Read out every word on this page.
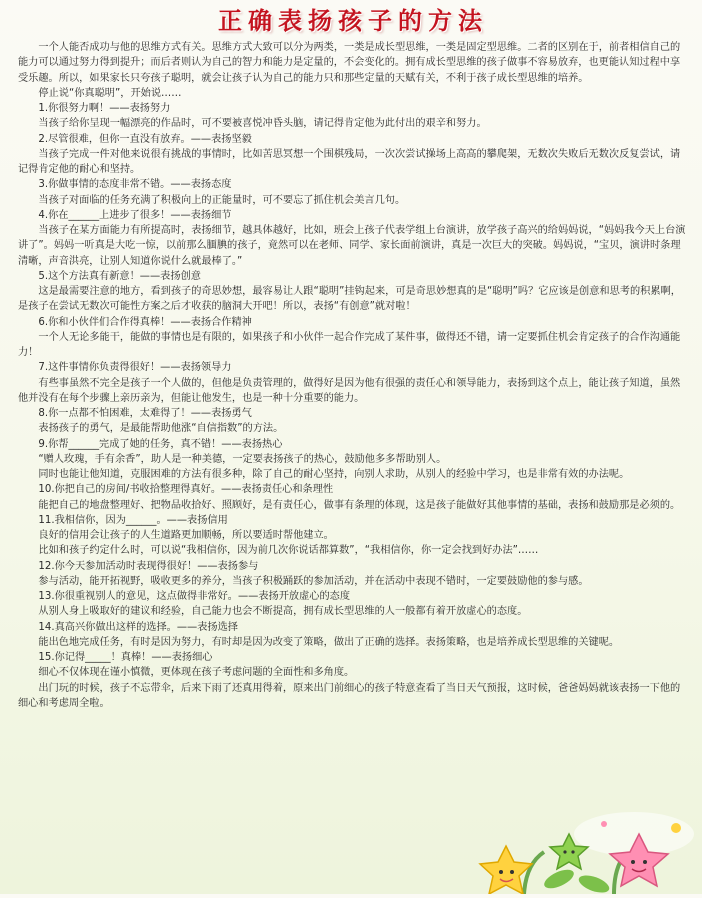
正确表扬孩子的方法

一个人能否成功与他的思维方式有关。思维方式大致可以分为两类，一类是成长型思维，一类是固定型思维。二者的区别在于，前者相信自己的能力可以通过努力得到提升；而后者则认为自己的智力和能力是定量的，不会变化的。拥有成长型思维的孩子做事不容易放弃，也更能认知过程中享受乐趣。所以，如果家长只夸孩子聪明，就会让孩子认为自己的能力只和那些定量的天赋有关，不利于孩子成长型思维的培养。

停止说“你真聪明”，开始说……

1.你很努力啊！——表扬努力

当孩子给你呈现一幅漂亮的作品时，可不要被喜悦冲昏头脑，请记得肯定他为此付出的艰辛和努力。

2.尽管很难，但你一直没有放弃。——表扬坚毅

当孩子完成一件对他来说很有挑战的事情时，比如苦思冥想一个围棋残局，一次次尝试操场上高高的攀爬架，无数次失败后无数次反复尝试，请记得肯定他的耐心和坚持。

3.你做事情的态度非常不错。——表扬态度

当孩子对面临的任务充满了积极向上的正能量时，可不要忘了抓住机会美言几句。

4.你在______上进步了很多！——表扬细节

当孩子在某方面能力有所提高时，表扬细节，越具体越好，比如，班会上孩子代表学组上台演讲，放学孩子高兴的给妈妈说，“妈妈我今天上台演讲了”。妈妈一听真是大吃一惊，以前那么腼腆的孩子，竟然可以在老师、同学、家长面前演讲，真是一次巨大的突破。妈妈说，“宝贝，演讲时条理清晰，声音洪亮，让别人知道你说什么就最棒了。”

5.这个方法真有新意！——表扬创意

这是最需要注意的地方，看到孩子的奇思妙想，最容易让人跟“聪明”挂钩起来，可是奇思妙想真的是“聪明”吗？它应该是创意和思考的积累啊，是孩子在尝试无数次可能性方案之后才收获的脑洞大开吧！所以，表扬“有创意”就对啦！

6.你和小伙伴们合作得真棒！——表扬合作精神

一个人无论多能干，能做的事情也是有限的，如果孩子和小伙伴一起合作完成了某件事，做得还不错，请一定要抓住机会肯定孩子的合作沟通能力！

7.这件事情你负责得很好！——表扬领导力

有些事虽然不完全是孩子一个人做的，但他是负责管理的，做得好是因为他有很强的责任心和领导能力，表扬到这个点上，能让孩子知道，虽然他并没有在每个步骤上亲历亲为，但能让他发生，也是一种十分重要的能力。

8.你一点都不怕困难，太难得了！——表扬勇气

表扬孩子的勇气，是最能帮助他涨“自信指数”的方法。

9.你帮______完成了她的任务，真不错！——表扬热心

“赠人玫瑰，手有余香”，助人是一种美德，一定要表扬孩子的热心，鼓励他多多帮助别人。

同时也能让他知道，克服困难的方法有很多种，除了自己的耐心坚持，向别人求助，从别人的经验中学习，也是非常有效的办法呢。

10.你把自己的房间/书收拾整理得真好。——表扬责任心和条理性

能把自己的地盘整理好、把物品收拾好、照顾好，是有责任心，做事有条理的体现，这是孩子能做好其他事情的基础，表扬和鼓励那是必须的。

11.我相信你，因为______。——表扬信用

良好的信用会让孩子的人生道路更加顺畅，所以要适时帮他建立。

比如和孩子约定什么时，可以说“我相信你，因为前几次你说话都算数”，“我相信你，你一定会找到好办法”……

12.你今天参加活动时表现得很好！——表扬参与

参与活动，能开拓视野，吸收更多的养分，当孩子积极踊跃的参加活动，并在活动中表现不错时，一定要鼓励他的参与感。

13.你很重视别人的意见，这点做得非常好。——表扬开放虚心的态度

从别人身上吸取好的建议和经验，自己能力也会不断提高，拥有成长型思维的人一般都有着开放虚心的态度。

14.真高兴你做出这样的选择。——表扬选择

能出色地完成任务，有时是因为努力，有时却是因为改变了策略，做出了正确的选择。表扬策略，也是培养成长型思维的关键呢。

15.你记得_____！真棒！——表扬细心

细心不仅体现在谨小慎微，更体现在孩子考虑问题的全面性和多角度。

出门玩的时候，孩子不忘带伞，后来下雨了还真用得着，原来出门前细心的孩子特意查看了当日天气预报，这时候，爸爸妈妈就该表扬一下他的细心和考虑周全啦。
